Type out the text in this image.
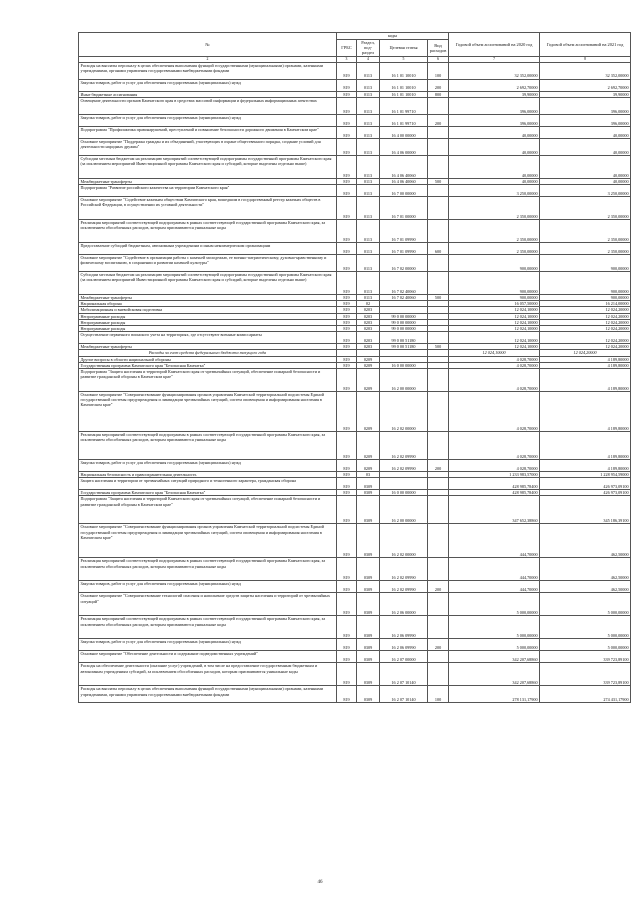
№	коды				Годовой объем ассигнований на 2020 год	Годовой объем ассигнований на 2021 год
	ГРБС	Раздел, под-раздел	Целевая статья	Вид расходов		
2	3	4	5	6	7	8
Расходы на выплаты персоналу в целях обеспечения выполнения функций государственными (муниципальными) органами, казенными учреждениями, органами управления государственными внебюджетными фондами	819	0113	16 1 01 10010	100	32 352,00000	32 352,00000
Закупка товаров, работ и услуг для обеспечения государственных (муниципальных) нужд	819	0113	16 1 01 10010	200	2 692,70000	2 692,70000
Иные бюджетные ассигнования	819	0113	16 1 01 10010	800	39,90000	39,90000
Освещение деятельности органов Камчатского края в средствах массовой информации и федеральных информационных агентствах	819	0113	16 1 01 99710		396,00000	396,00000
Закупка товаров, работ и услуг для обеспечения государственных (муниципальных) нужд	819	0113	16 1 01 99710	200	396,00000	396,00000
Подпрограмма "Профилактика правонарушений, преступлений и повышение безопасности дорожного движения в Камчатском крае"	819	0113	16 4 00 00000		40,00000	40,00000
Основное мероприятие "Поддержка граждан и их объединений, участвующих в охране общественного порядка, создание условий для деятельности народных дружин"	819	0113	16 4 06 00000		40,00000	40,00000
Субсидии местным бюджетам на реализацию мероприятий соответствующей подпрограммы государственной программы Камчатского края (за исключением мероприятий Инвестиционной программы Камчатского края и субсидий, которые выделены отдельно выше)	819	0113	16 4 06 40060		40,00000	40,00000
Межбюджетные трансферты	819	0113	16 4 06 40060	500	40,00000	40,00000
Подпрограмма "Развитие российского казачества на территории Камчатского края"	819	0113	16 7 00 00000		3 250,00000	3 250,00000
Основное мероприятие "Содействие казачьим обществам Камчатского края, вошедшим в государственный реестр казачьих обществ в Российской Федерации, в осуществлении их уставной деятельности"	819	0113	16 7 01 00000		2 350,00000	2 350,00000
Реализация мероприятий соответствующей подпрограммы в рамках соответствующей государственной программы Камчатского края, за исключением обособленных расходов, которым присваиваются уникальные коды	819	0113	16 7 01 09990		2 350,00000	2 350,00000
Предоставление субсидий бюджетным, автономным учреждениям и иным некоммерческим организациям	819	0113	16 7 01 09990	600	2 350,00000	2 350,00000
Основное мероприятие "Содействие в организации работы с казачьей молодежью, ее военно-патриотическому, духовно-нравственному и физическому воспитанию, в сохранении и развитии казачьей культуры"	819	0113	16 7 02 00000		900,00000	900,00000
Субсидии местным бюджетам на реализацию мероприятий соответствующей подпрограммы государственной программы Камчатского края (за исключением мероприятий Инвестиционной программы Камчатского края и субсидий, которые выделены отдельно выше)	819	0113	16 7 02 40060		900,00000	900,00000
Межбюджетные трансферты	819	0113	16 7 02 40060	500	900,00000	900,00000
Национальная оборона	819	02			16 057,50000	16 214,00000
Мобилизационная и вневойсковая подготовка	819	0203			12 024,10000	12 024,20000
Непрограммные расходы	819	0203	99 0 00 00000		12 024,10000	12 024,20000
Непрограммные расходы	819	0203	99 0 00 00000		12 024,10000	12 024,20000
Непрограммные расходы	819	0203	99 0 00 00000		12 024,10000	12 024,20000
Осуществление первичного воинского учета на территориях, где отсутствуют военные комиссариаты	819	0203	99 0 00 51180		12 024,10000	12 024,20000
Межбюджетные трансферты	819	0203	99 0 00 51180	500	12 024,10000	12 024,20000
Расходы за счет средств федерального бюджета текущего года					12 024,10000	12 024,20000
Другие вопросы в области национальной обороны	819	0209			4 028,70000	4 189,80000
Государственная программа Камчатского края "Безопасная Камчатка"	819	0209	16 0 00 00000		4 028,70000	4 189,80000
Подпрограмма "Защита населения и территорий Камчатского края от чрезвычайных ситуаций, обеспечение пожарной безопасности и развитие гражданской обороны в Камчатском крае"	819	0209	16 2 00 00000		4 028,70000	4 189,80000
Основное мероприятие "Совершенствование функционирования органов управления Камчатской территориальной подсистемы Единой государственной системы предупреждения и ликвидации чрезвычайных ситуаций, систем оповещения и информирования населения в Камчатском крае"	819	0209	16 2 02 00000		4 028,70000	4 189,80000
Реализация мероприятий соответствующей подпрограммы в рамках соответствующей государственной программы Камчатского края, за исключением обособленных расходов, которым присваиваются уникальные коды	819	0209	16 2 02 09990		4 028,70000	4 189,80000
Закупка товаров, работ и услуг для обеспечения государственных (муниципальных) нужд	819	0209	16 2 02 09990	200	4 028,70000	4 189,80000
Национальная безопасность и правоохранительная деятельность	819	03			1 233 983,57000	1 228 954,59000
Защита населения и территории от чрезвычайных ситуаций природного и техногенного характера, гражданская оборона	819	0309			428 985,78400	426 973,09100
Государственная программа Камчатского края "Безопасная Камчатка"	819	0309	16 0 00 00000		428 985,78400	426 973,09100
Подпрограмма "Защита населения и территорий Камчатского края от чрезвычайных ситуаций, обеспечение пожарной безопасности и развитие гражданской обороны в Камчатском крае"	819	0309	16 2 00 00000		347 652,38860	345 186,39100
Основное мероприятие "Совершенствование функционирования органов управления Камчатской территориальной подсистемы Единой государственной системы предупреждения и ликвидации чрезвычайных ситуаций, систем оповещения и информирования населения в Камчатском крае"	819	0309	16 2 02 00000		444,70000	462,50000
Реализация мероприятий соответствующей подпрограммы в рамках соответствующей государственной программы Камчатского края, за исключением обособленных расходов, которым присваиваются уникальные коды	819	0309	16 2 02 09990		444,70000	462,50000
Закупка товаров, работ и услуг для обеспечения государственных (муниципальных) нужд	819	0309	16 2 02 09990	200	444,70000	462,50000
Основное мероприятие "Совершенствование технологий спасения и наполнение средств защиты населения и территорий от чрезвычайных ситуаций"	819	0309	16 2 06 00000		5 000,00000	5 000,00000
Реализация мероприятий соответствующей подпрограммы в рамках соответствующей государственной программы Камчатского края, за исключением обособленных расходов, которым присваиваются уникальные коды	819	0309	16 2 06 09990		5 000,00000	5 000,00000
Закупка товаров, работ и услуг для обеспечения государственных (муниципальных) нужд	819	0309	16 2 06 09990	200	5 000,00000	5 000,00000
Основное мероприятие "Обеспечение деятельности и содержание подведомственных учреждений"	819	0309	16 2 07 00000		342 207,68860	339 723,89100
Расходы на обеспечение деятельности (оказание услуг) учреждений, в том числе на предоставление государственным бюджетным и автономным учреждениям субсидий, за исключением обособленных расходов, которым присваиваются уникальные коды	819	0309	16 2 07 10140		342 207,68860	339 723,89100
Расходы на выплаты персоналу в целях обеспечения выполнения функций государственными (муниципальными) органами, казенными учреждениями, органами управления государственными внебюджетными фондами	819	0309	16 2 07 10140	100	278 131,17900	274 431,17900
46
